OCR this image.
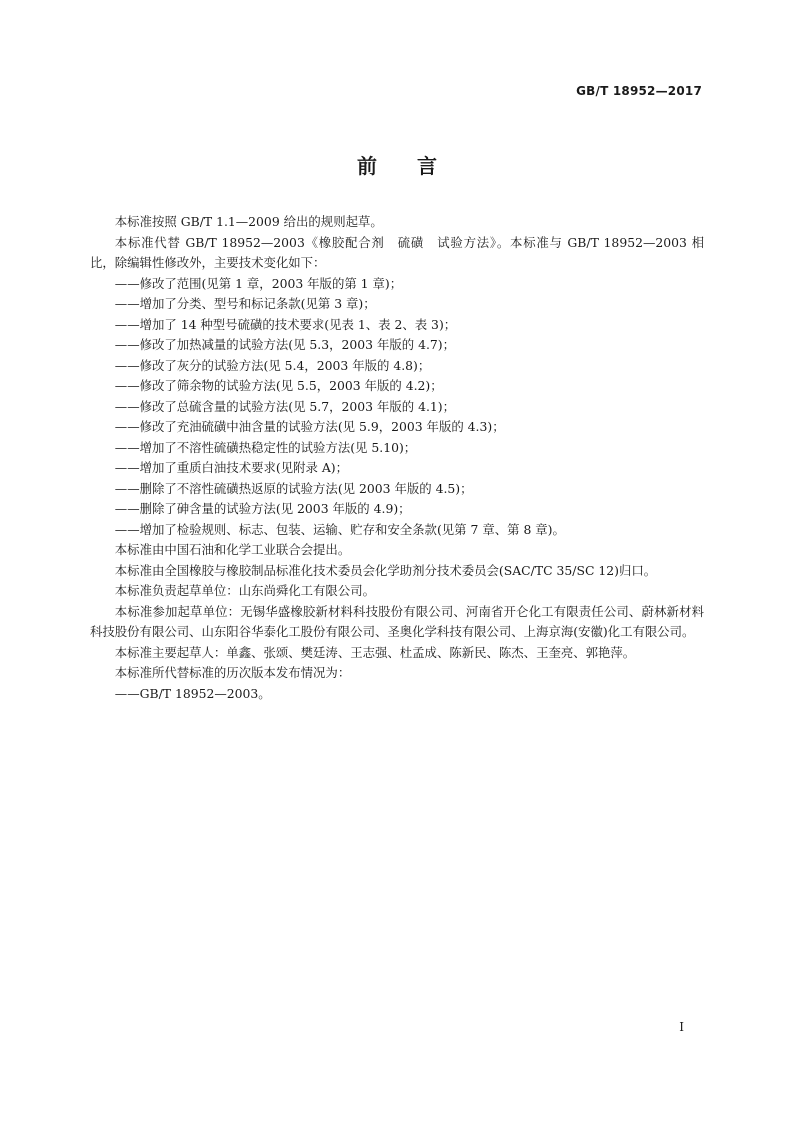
GB/T 18952—2017
前言

本标准按照 GB/T 1.1—2009 给出的规则起草。

本标准代替 GB/T 18952—2003《橡胶配合剂　硫磺　试验方法》。本标准与 GB/T 18952—2003 相比，除编辑性修改外，主要技术变化如下：

——修改了范围(见第 1 章，2003 年版的第 1 章)；

——增加了分类、型号和标记条款(见第 3 章)；

——增加了 14 种型号硫磺的技术要求(见表 1、表 2、表 3)；

——修改了加热减量的试验方法(见 5.3，2003 年版的 4.7)；

——修改了灰分的试验方法(见 5.4，2003 年版的 4.8)；

——修改了筛余物的试验方法(见 5.5，2003 年版的 4.2)；

——修改了总硫含量的试验方法(见 5.7，2003 年版的 4.1)；

——修改了充油硫磺中油含量的试验方法(见 5.9，2003 年版的 4.3)；

——增加了不溶性硫磺热稳定性的试验方法(见 5.10)；

——增加了重质白油技术要求(见附录 A)；

——删除了不溶性硫磺热返原的试验方法(见 2003 年版的 4.5)；

——删除了砷含量的试验方法(见 2003 年版的 4.9)；

——增加了检验规则、标志、包装、运输、贮存和安全条款(见第 7 章、第 8 章)。

本标准由中国石油和化学工业联合会提出。

本标准由全国橡胶与橡胶制品标准化技术委员会化学助剂分技术委员会(SAC/TC 35/SC 12)归口。

本标准负责起草单位：山东尚舜化工有限公司。

本标准参加起草单位：无锡华盛橡胶新材料科技股份有限公司、河南省开仑化工有限责任公司、蔚林新材料科技股份有限公司、山东阳谷华泰化工股份有限公司、圣奥化学科技有限公司、上海京海(安徽)化工有限公司。

本标准主要起草人：单鑫、张颂、樊廷涛、王志强、杜孟成、陈新民、陈杰、王奎亮、郭艳萍。

本标准所代替标准的历次版本发布情况为：

——GB/T 18952—2003。

I
